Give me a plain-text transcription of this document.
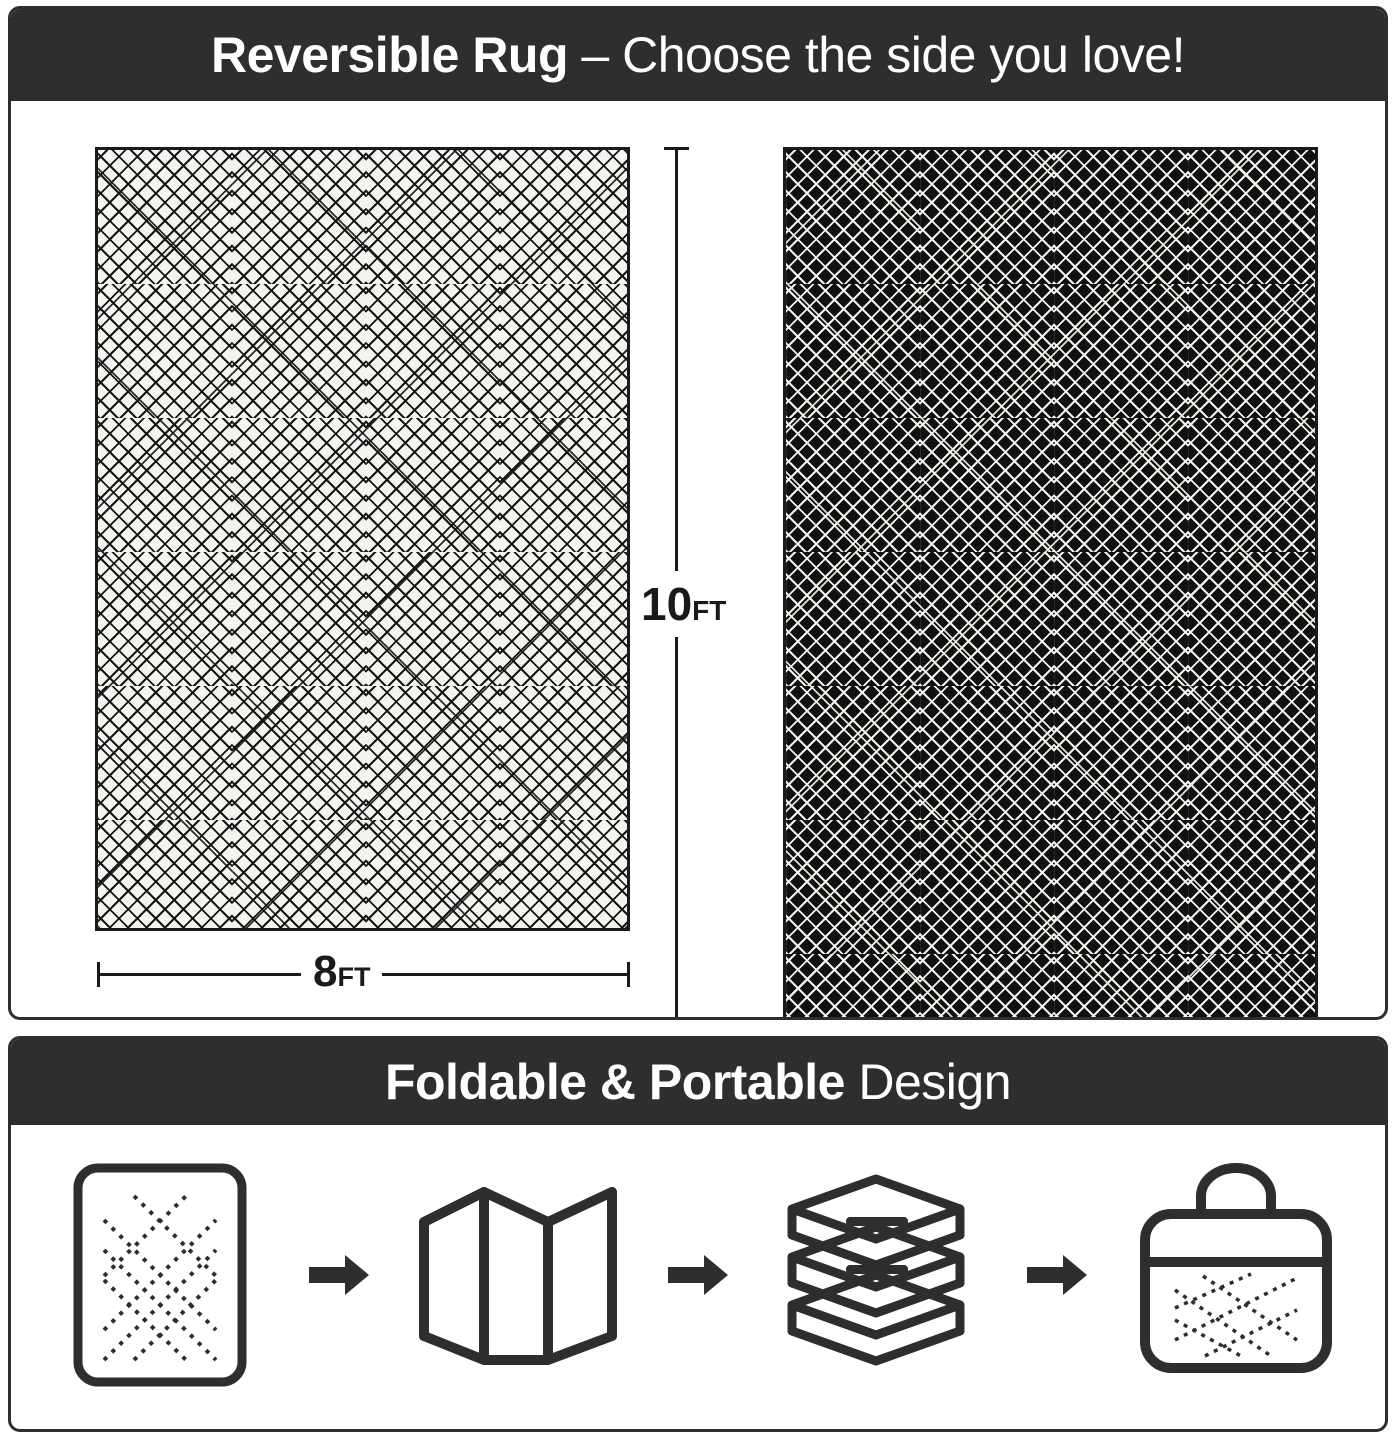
Reversible Rug – Choose the side you love!
10 FT
8 FT
Foldable & Portable Design
